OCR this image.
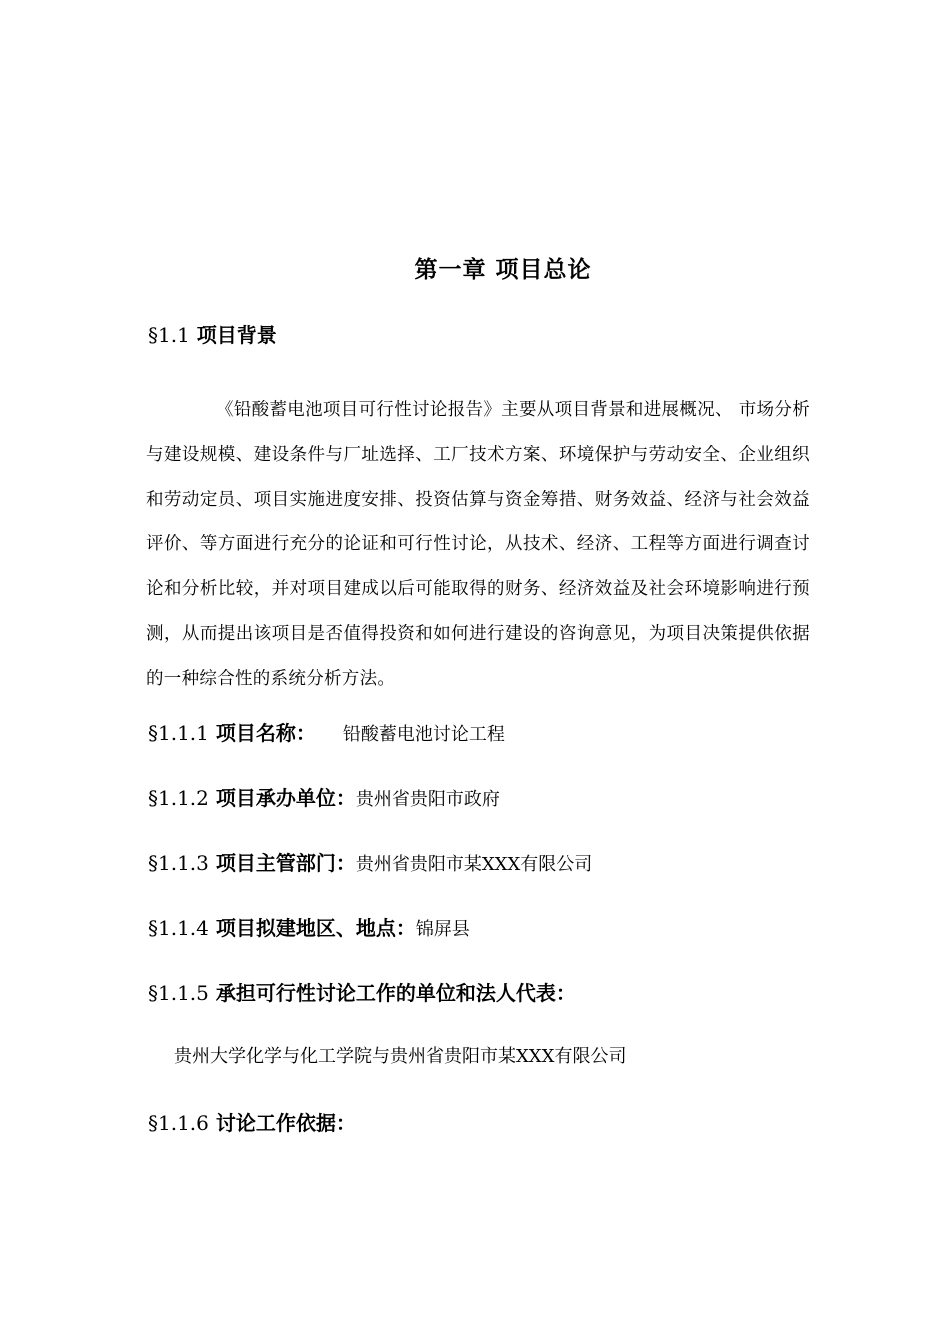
第一章 项目总论
§1.1 项目背景
《铅酸蓄电池项目可行性讨论报告》主要从项目背景和进展概况、 市场分析与建设规模、建设条件与厂址选择、工厂技术方案、环境保护与劳动安全、企业组织和劳动定员、项目实施进度安排、投资估算与资金筹措、财务效益、经济与社会效益评价、等方面进行充分的论证和可行性讨论，从技术、经济、工程等方面进行调查讨论和分析比较，并对项目建成以后可能取得的财务、经济效益及社会环境影响进行预测，从而提出该项目是否值得投资和如何进行建设的咨询意见，为项目决策提供依据的一种综合性的系统分析方法。
§1.1.1 项目名称： 铅酸蓄电池讨论工程
§1.1.2 项目承办单位：贵州省贵阳市政府
§1.1.3 项目主管部门：贵州省贵阳市某XXX有限公司
§1.1.4 项目拟建地区、地点：锦屏县
§1.1.5 承担可行性讨论工作的单位和法人代表：
贵州大学化学与化工学院与贵州省贵阳市某XXX有限公司
§1.1.6 讨论工作依据：
